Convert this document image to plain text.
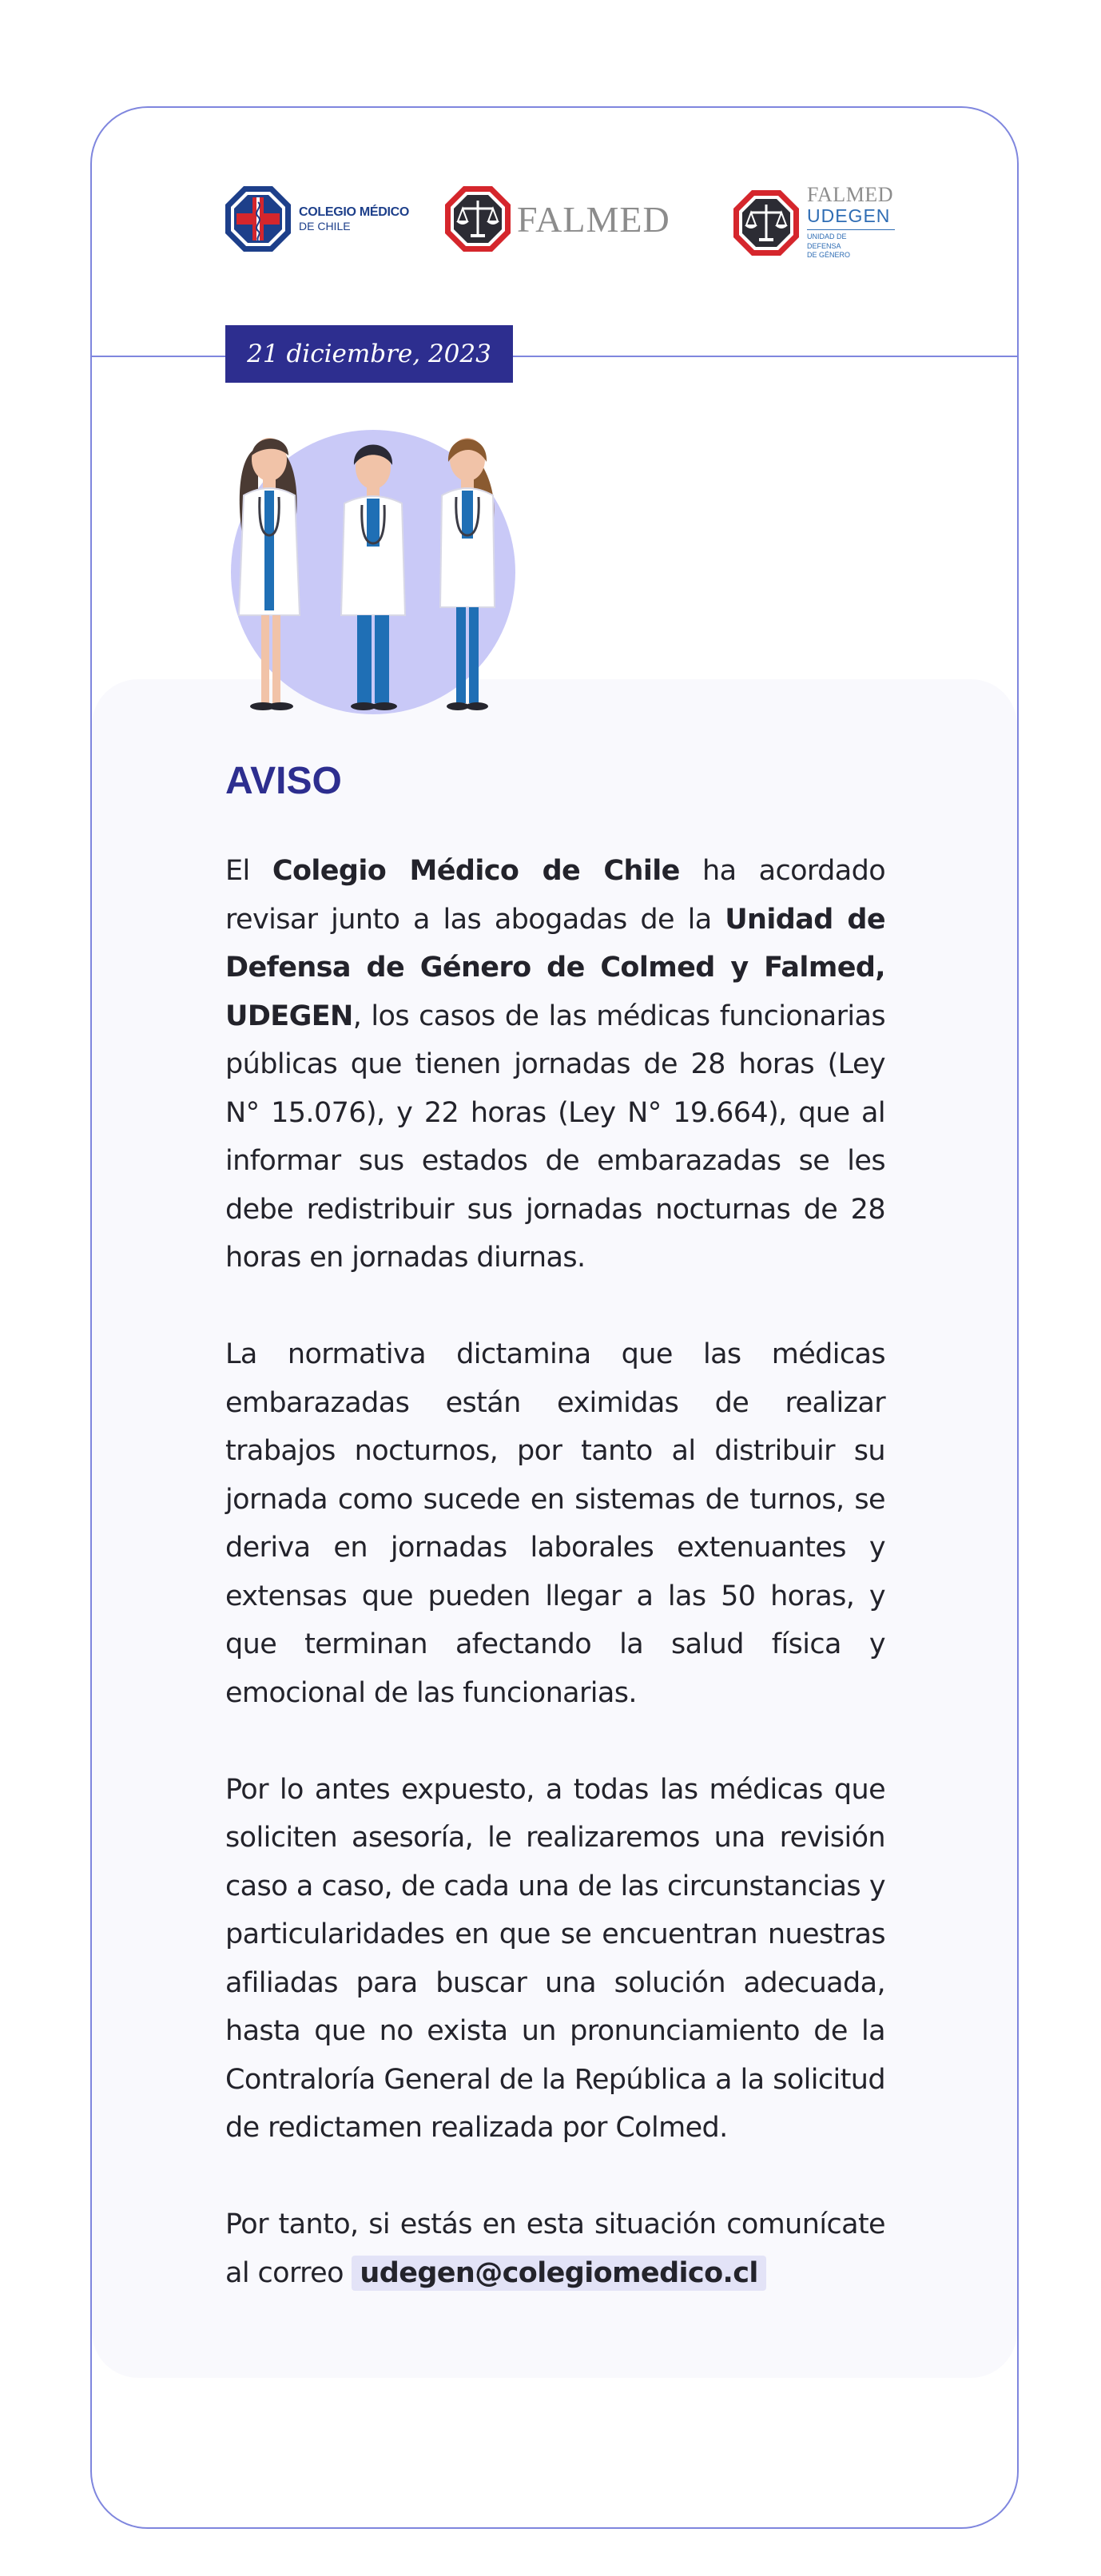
COLEGIO MÉDICO
DE CHILE	FALMED
FALMED
UDEGEN
UNIDAD DE
DEFENSA
DE GÉNERO
21 diciembre, 2023
AVISO

El Colegio Médico de Chile ha acordado revisar junto a las abogadas de la Unidad de Defensa de Género de Colmed y Falmed, UDEGEN, los casos de las médicas funcionarias públicas que tienen jornadas de 28 horas (Ley N° 15.076), y 22 horas (Ley N° 19.664), que al informar sus estados de embarazadas se les debe redistribuir sus jornadas nocturnas de 28 horas en jornadas diurnas.

La normativa dictamina que las médicas embarazadas están eximidas de realizar trabajos nocturnos, por tanto al distribuir su jornada como sucede en sistemas de turnos, se deriva en jornadas laborales extenuantes y extensas que pueden llegar a las 50 horas, y que terminan afectando la salud física y emocional de las funcionarias.

Por lo antes expuesto, a todas las médicas que soliciten asesoría, le realizaremos una revisión caso a caso, de cada una de las circunstancias y particularidades en que se encuentran nuestras afiliadas para buscar una solución adecuada, hasta que no exista un pronunciamiento de la Contraloría General de la República a la solicitud de redictamen realizada por Colmed.

Por tanto, si estás en esta situación comunícate al correo udegen@colegiomedico.cl
